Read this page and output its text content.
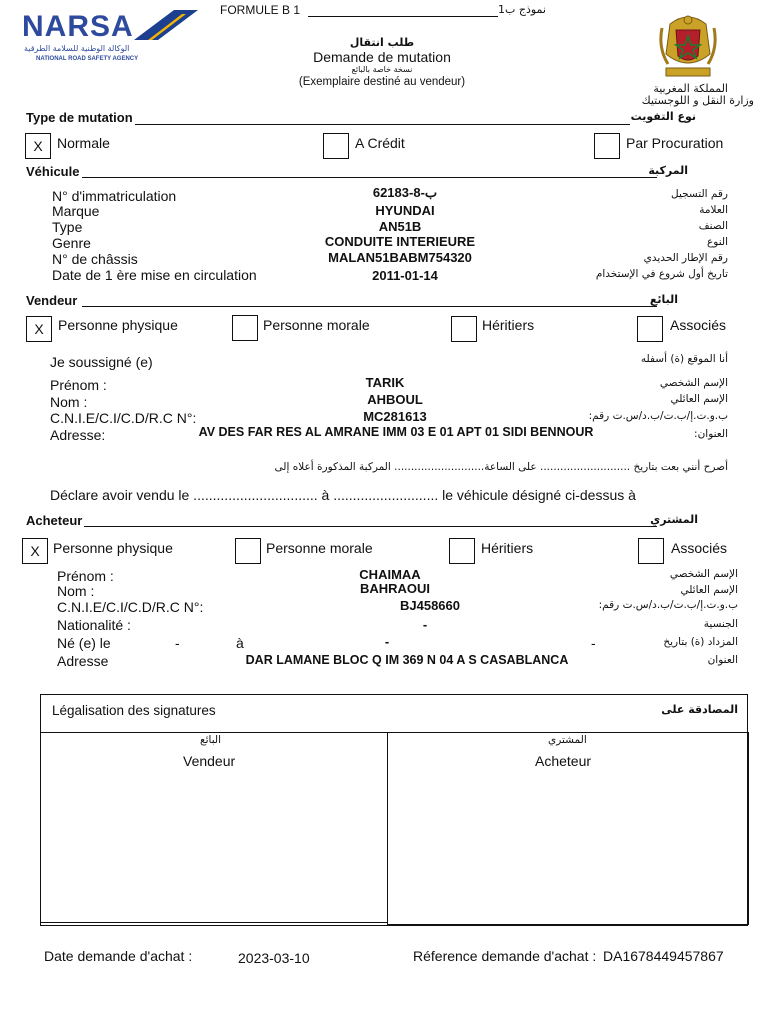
NARSA
الوكالة الوطنية للسلامة الطرقية
NATIONAL ROAD SAFETY AGENCY
FORMULE B 1	نموذج ب1
طلب انتقال
Demande de mutation
نسخة خاصة بالبائع
(Exemplaire destiné au vendeur)	المملكة المغربية
وزارة النقل و اللوجستيك
Type de mutation	نوع التفويت
X	Normale	A Crédit	Par Procuration
Véhicule	المركبة
N° d'immatriculation	62183-ب-8	رقم التسجيل
Marque	HYUNDAI	العلامة
Type	AN51B	الصنف
Genre	CONDUITE INTERIEURE	النوع
N° de châssis	MALAN51BABM754320	رقم الإطار الحديدي
Date de 1 ère mise en circulation	2011-01-14	تاريخ أول شروع في الإستخدام
Vendeur	البائع
X	Personne physique	Personne morale	Héritiers	Associés
Je soussigné (e)	أنا الموقع (ة) أسفله
Prénom :	TARIK	الإسم الشخصي
Nom :	AHBOUL	الإسم العائلي
C.N.I.E/C.I/C.D/R.C N°:	MC281613	ب.و.ت.إ/ب.ت/ب.د/س.ت رقم:
Adresse:	AV DES FAR RES AL AMRANE IMM 03 E 01 APT 01 SIDI BENNOUR	العنوان:
أصرح أنني بعت بتاريخ ........................... على الساعة........................... المركبة المذكورة أعلاه إلى
Déclare avoir vendu le ................................ à ........................... le véhicule désigné ci-dessus à
Acheteur	المشتري
X Personne physique	Personne morale	Héritiers	Associés
Prénom :	CHAIMAA	الإسم الشخصي
Nom :	BAHRAOUI	الإسم العائلي
C.N.I.E/C.I/C.D/R.C N°:	BJ458660	ب.و.ت.إ/ب.ت/ب.د/س.ت رقم:
Nationalité :	-	الجنسية
Né (e) le	-	à	-	-	المزداد (ة) بتاريخ
Adresse	DAR LAMANE BLOC Q IM 369 N 04 A S CASABLANCA	العنوان
Légalisation des signatures	المصادقة على
البائع
Vendeur
المشتري
Acheteur
Date demande d'achat :	2023-03-10	Réference demande d'achat : DA1678449457867
